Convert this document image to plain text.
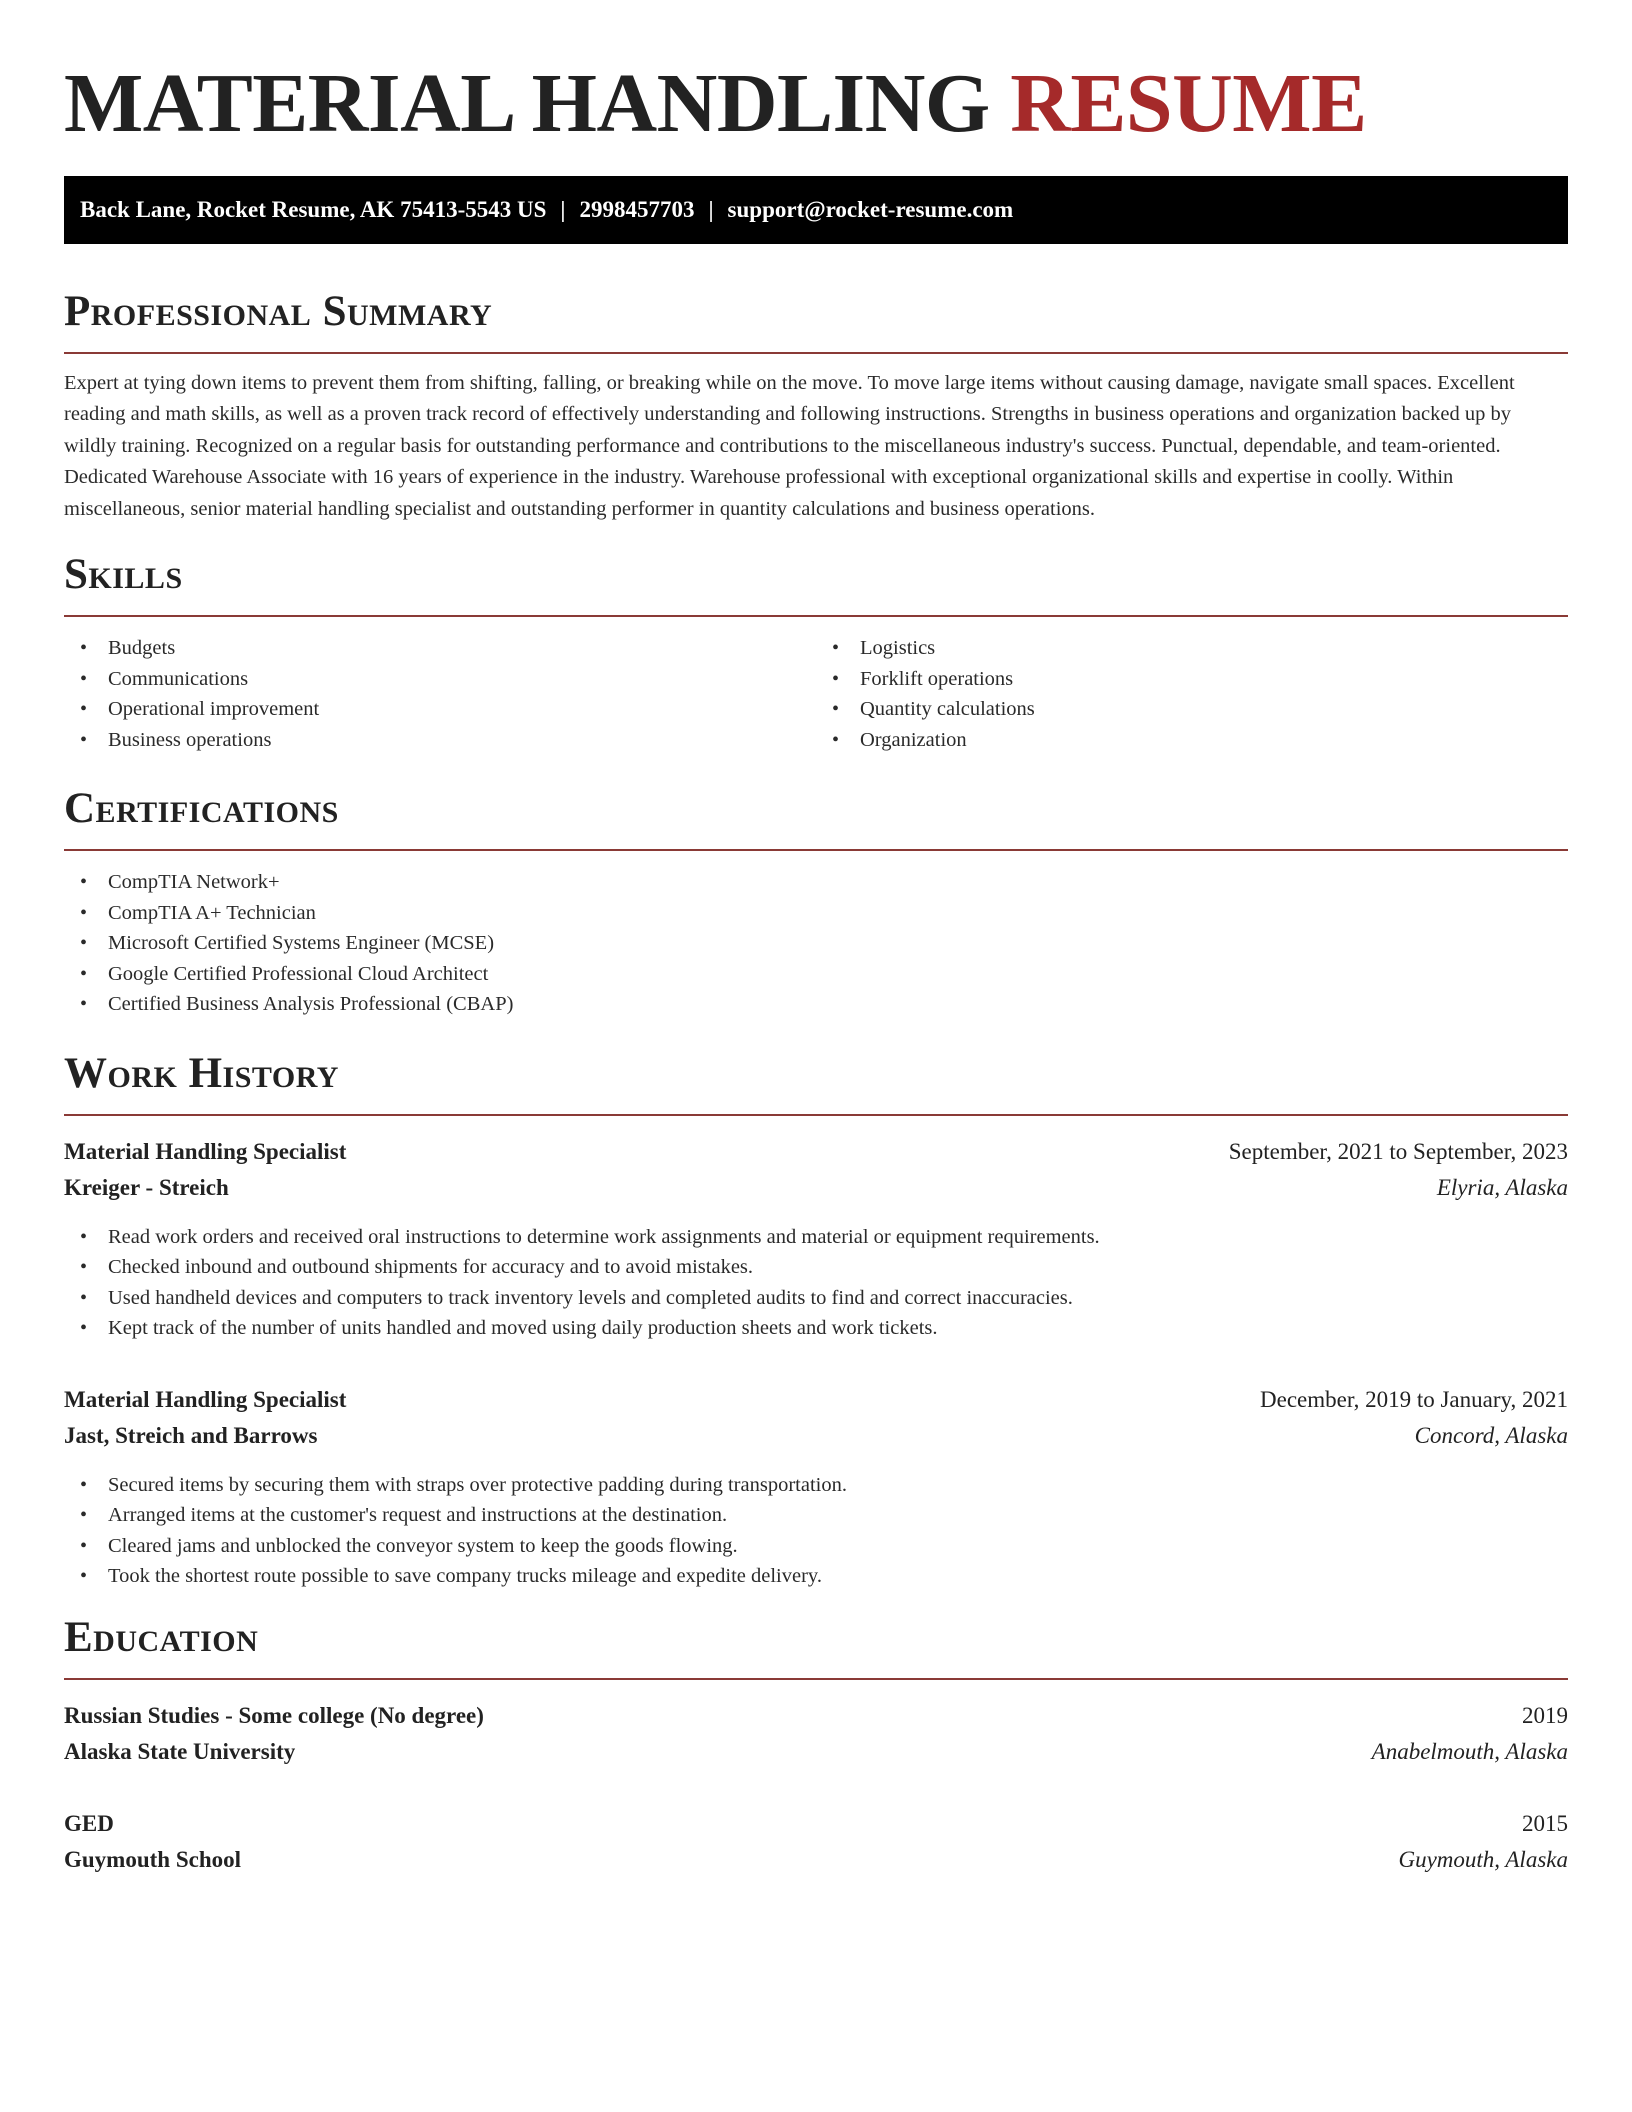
MATERIAL HANDLING RESUME
Back Lane, Rocket Resume, AK 75413-5543 US | 2998457703 | support@rocket-resume.com
Professional Summary

Expert at tying down items to prevent them from shifting, falling, or breaking while on the move. To move large items without causing damage, navigate small spaces. Excellent reading and math skills, as well as a proven track record of effectively understanding and following instructions. Strengths in business operations and organization backed up by wildly training. Recognized on a regular basis for outstanding performance and contributions to the miscellaneous industry's success. Punctual, dependable, and team-oriented. Dedicated Warehouse Associate with 16 years of experience in the industry. Warehouse professional with exceptional organizational skills and expertise in coolly. Within miscellaneous, senior material handling specialist and outstanding performer in quantity calculations and business operations.

Skills
• Budgets
• Communications
• Operational improvement
• Business operations
• Logistics
• Forklift operations
• Quantity calculations
• Organization
Certifications
• CompTIA Network+
• CompTIA A+ Technician
• Microsoft Certified Systems Engineer (MCSE)
• Google Certified Professional Cloud Architect
• Certified Business Analysis Professional (CBAP)
Work History
Material Handling Specialist	September, 2021 to September, 2023
Kreiger - Streich	Elyria, Alaska
• Read work orders and received oral instructions to determine work assignments and material or equipment requirements.
• Checked inbound and outbound shipments for accuracy and to avoid mistakes.
• Used handheld devices and computers to track inventory levels and completed audits to find and correct inaccuracies.
• Kept track of the number of units handled and moved using daily production sheets and work tickets.
Material Handling Specialist	December, 2019 to January, 2021
Jast, Streich and Barrows	Concord, Alaska
• Secured items by securing them with straps over protective padding during transportation.
• Arranged items at the customer's request and instructions at the destination.
• Cleared jams and unblocked the conveyor system to keep the goods flowing.
• Took the shortest route possible to save company trucks mileage and expedite delivery.
Education
Russian Studies - Some college (No degree)	2019
Alaska State University	Anabelmouth, Alaska
GED	2015
Guymouth School	Guymouth, Alaska
